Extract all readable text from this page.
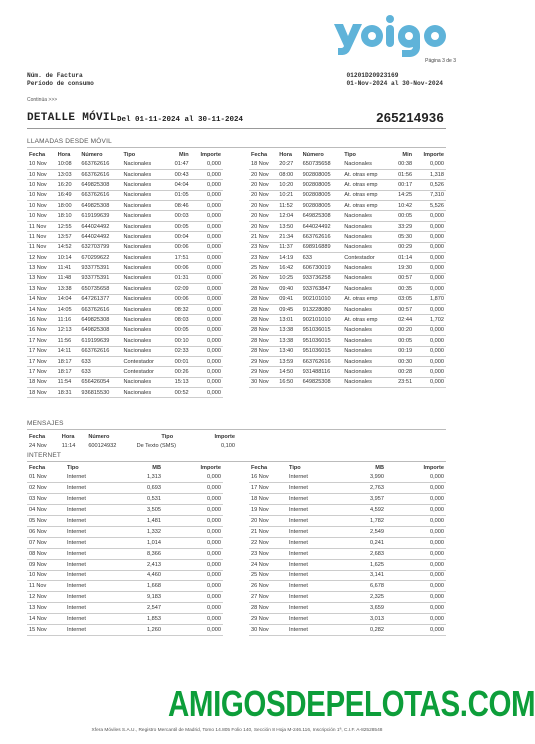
Página 3 de 3
Núm. de Factura
Período de consumo
01201D20923169
01-Nov-2024 al 30-Nov-2024
Continúa >>>
DETALLE MÓVIL Del 01-11-2024 al 30-11-2024	265214936
LLAMADAS DESDE MÓVIL
Fecha	Hora	Número	Tipo	Min	Importe
10 Nov	10:08	663762616	Nacionales	01:47	0,000
10 Nov	13:03	663762616	Nacionales	00:43	0,000
10 Nov	16:20	649825308	Nacionales	04:04	0,000
10 Nov	16:49	663762616	Nacionales	01:05	0,000
10 Nov	18:00	649825308	Nacionales	08:46	0,000
10 Nov	18:10	619199639	Nacionales	00:03	0,000
11 Nov	12:55	644024492	Nacionales	00:05	0,000
11 Nov	13:57	644024492	Nacionales	00:04	0,000
11 Nov	14:52	632703799	Nacionales	00:06	0,000
12 Nov	10:14	670299622	Nacionales	17:51	0,000
13 Nov	11:41	933775391	Nacionales	00:06	0,000
13 Nov	11:48	933775391	Nacionales	01:31	0,000
13 Nov	13:38	650735658	Nacionales	02:09	0,000
14 Nov	14:04	647261377	Nacionales	00:06	0,000
14 Nov	14:05	663762616	Nacionales	08:32	0,000
16 Nov	11:16	649825308	Nacionales	08:03	0,000
16 Nov	12:13	649825308	Nacionales	00:05	0,000
17 Nov	11:56	619199639	Nacionales	00:10	0,000
17 Nov	14:11	663762616	Nacionales	02:33	0,000
17 Nov	18:17	633	Contestador	00:01	0,000
17 Nov	18:17	633	Contestador	00:26	0,000
18 Nov	11:54	656426054	Nacionales	15:13	0,000
18 Nov	18:31	936815530	Nacionales	00:52	0,000
Fecha	Hora	Número	Tipo	Min	Importe
18 Nov	20:27	650735658	Nacionales	00:38	0,000
20 Nov	08:00	902808005	At. otras emp	01:56	1,318
20 Nov	10:20	902808005	At. otras emp	00:17	0,526
20 Nov	10:21	902808005	At. otras emp	14:25	7,310
20 Nov	11:52	902808005	At. otras emp	10:42	5,526
20 Nov	12:04	649825308	Nacionales	00:05	0,000
20 Nov	13:50	644024492	Nacionales	33:29	0,000
21 Nov	21:34	663762616	Nacionales	05:30	0,000
23 Nov	11:37	698916889	Nacionales	00:29	0,000
23 Nov	14:19	633	Contestador	01:14	0,000
25 Nov	16:42	606730019	Nacionales	19:30	0,000
26 Nov	10:25	933736258	Nacionales	00:57	0,000
28 Nov	09:40	933763847	Nacionales	00:35	0,000
28 Nov	09:41	902101010	At. otras emp	03:05	1,870
28 Nov	09:45	913228080	Nacionales	00:57	0,000
28 Nov	13:01	902101010	At. otras emp	02:44	1,702
28 Nov	13:38	951036015	Nacionales	00:20	0,000
28 Nov	13:38	951036015	Nacionales	00:05	0,000
28 Nov	13:40	951036015	Nacionales	00:19	0,000
29 Nov	13:59	663762616	Nacionales	00:30	0,000
29 Nov	14:50	931488116	Nacionales	00:28	0,000
30 Nov	16:50	649825308	Nacionales	23:51	0,000
MENSAJES
Fecha	Hora	Número	Tipo	Importe
24 Nov	11:14	600124932	De Texto (SMS)	0,100
INTERNET
Fecha	Tipo	MB	Importe
01 Nov	Internet	1,313	0,000
02 Nov	Internet	0,693	0,000
03 Nov	Internet	0,531	0,000
04 Nov	Internet	3,505	0,000
05 Nov	Internet	1,481	0,000
06 Nov	Internet	1,332	0,000
07 Nov	Internet	1,014	0,000
08 Nov	Internet	8,366	0,000
09 Nov	Internet	2,413	0,000
10 Nov	Internet	4,460	0,000
11 Nov	Internet	1,668	0,000
12 Nov	Internet	9,183	0,000
13 Nov	Internet	2,547	0,000
14 Nov	Internet	1,853	0,000
15 Nov	Internet	1,260	0,000
Fecha	Tipo	MB	Importe
16 Nov	Internet	3,990	0,000
17 Nov	Internet	2,763	0,000
18 Nov	Internet	3,957	0,000
19 Nov	Internet	4,592	0,000
20 Nov	Internet	1,782	0,000
21 Nov	Internet	2,549	0,000
22 Nov	Internet	0,241	0,000
23 Nov	Internet	2,683	0,000
24 Nov	Internet	1,625	0,000
25 Nov	Internet	3,141	0,000
26 Nov	Internet	6,678	0,000
27 Nov	Internet	2,325	0,000
28 Nov	Internet	3,659	0,000
29 Nov	Internet	3,013	0,000
30 Nov	Internet	0,282	0,000
AMIGOSDEPELOTAS.COM
Xfera Móviles S.A.U., Registro Mercantil de Madrid, Tomo 14.805 Folio 140, Sección 8 Hoja M-246.116, Inscripción 1ª, C.I.F. A-82528548
